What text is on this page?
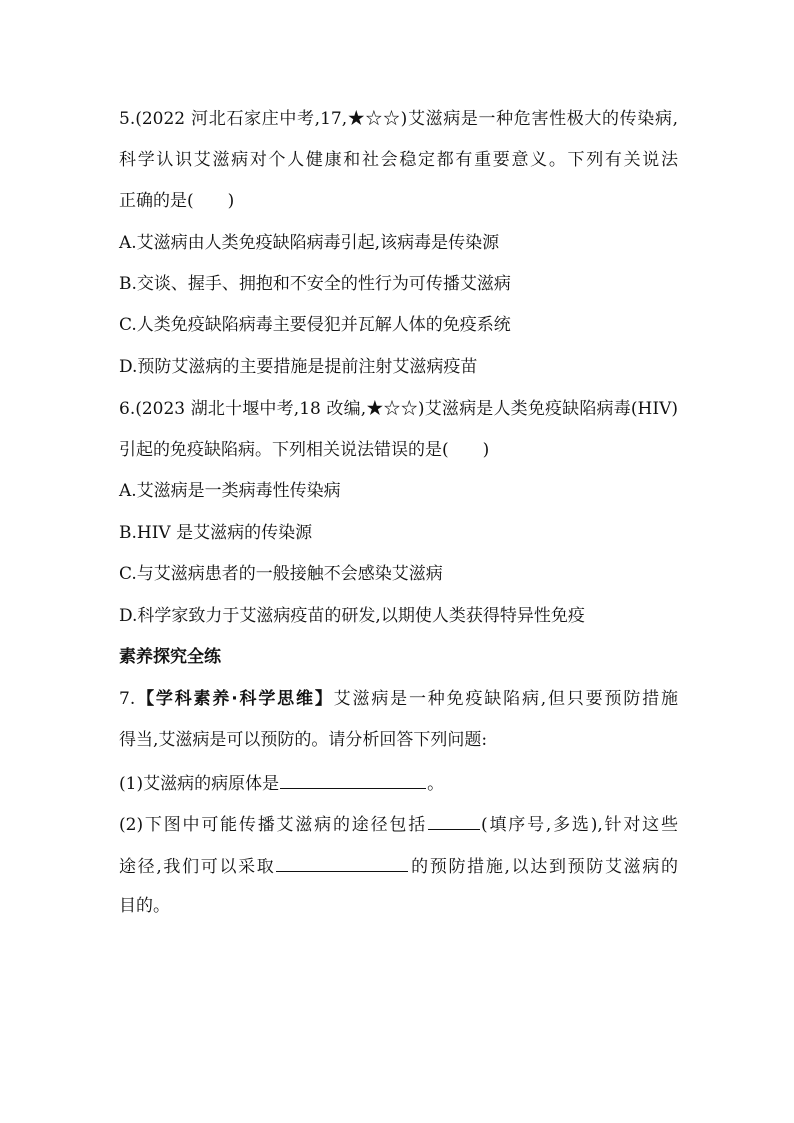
5.(2022 河北石家庄中考,17,★☆☆)艾滋病是一种危害性极大的传染病,
科学认识艾滋病对个人健康和社会稳定都有重要意义。下列有关说法
正确的是(　　)
A.艾滋病由人类免疫缺陷病毒引起,该病毒是传染源
B.交谈、握手、拥抱和不安全的性行为可传播艾滋病
C.人类免疫缺陷病毒主要侵犯并瓦解人体的免疫系统
D.预防艾滋病的主要措施是提前注射艾滋病疫苗
6.(2023 湖北十堰中考,18 改编,★☆☆)艾滋病是人类免疫缺陷病毒(HIV)
引起的免疫缺陷病。下列相关说法错误的是(　　)
A.艾滋病是一类病毒性传染病
B.HIV 是艾滋病的传染源
C.与艾滋病患者的一般接触不会感染艾滋病
D.科学家致力于艾滋病疫苗的研发,以期使人类获得特异性免疫
素养探究全练
7.【学科素养·科学思维】艾滋病是一种免疫缺陷病,但只要预防措施
得当,艾滋病是可以预防的。请分析回答下列问题:
(1)艾滋病的病原体是	。
(2)下图中可能传播艾滋病的途径包括	(填序号,多选),针对这些
途径,我们可以采取	的预防措施,以达到预防艾滋病的
目的。
